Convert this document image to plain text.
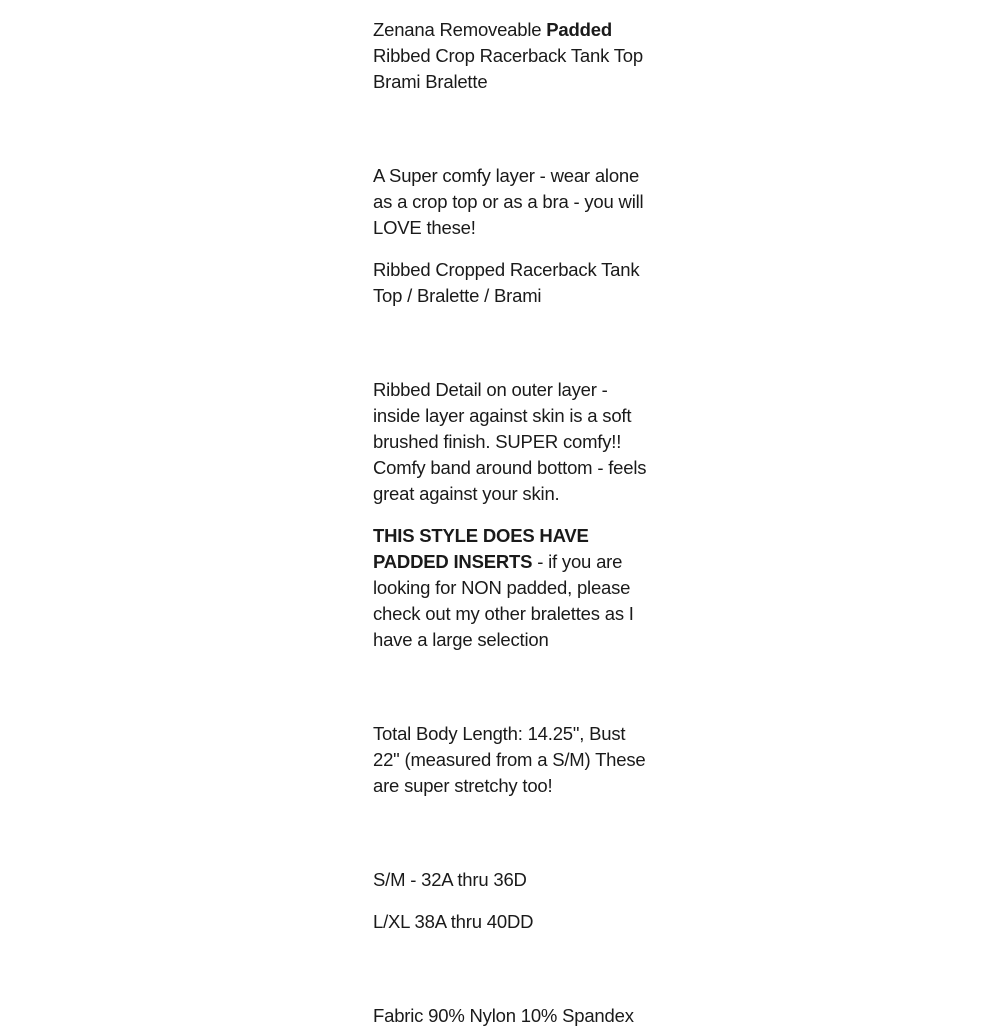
Zenana Removeable Padded Ribbed Crop Racerback Tank Top Brami Bralette

A Super comfy layer - wear alone as a crop top or as a bra - you will LOVE these!

Ribbed Cropped Racerback Tank Top / Bralette / Brami

Ribbed Detail on outer layer - inside layer against skin is a soft brushed finish. SUPER comfy!! Comfy band around bottom - feels great against your skin.

THIS STYLE DOES HAVE PADDED INSERTS - if you are looking for NON padded, please check out my other bralettes as I have a large selection

Total Body Length: 14.25", Bust 22" (measured from a S/M) These are super stretchy too!

S/M - 32A thru 36D

L/XL 38A thru 40DD

Fabric 90% Nylon 10% Spandex
